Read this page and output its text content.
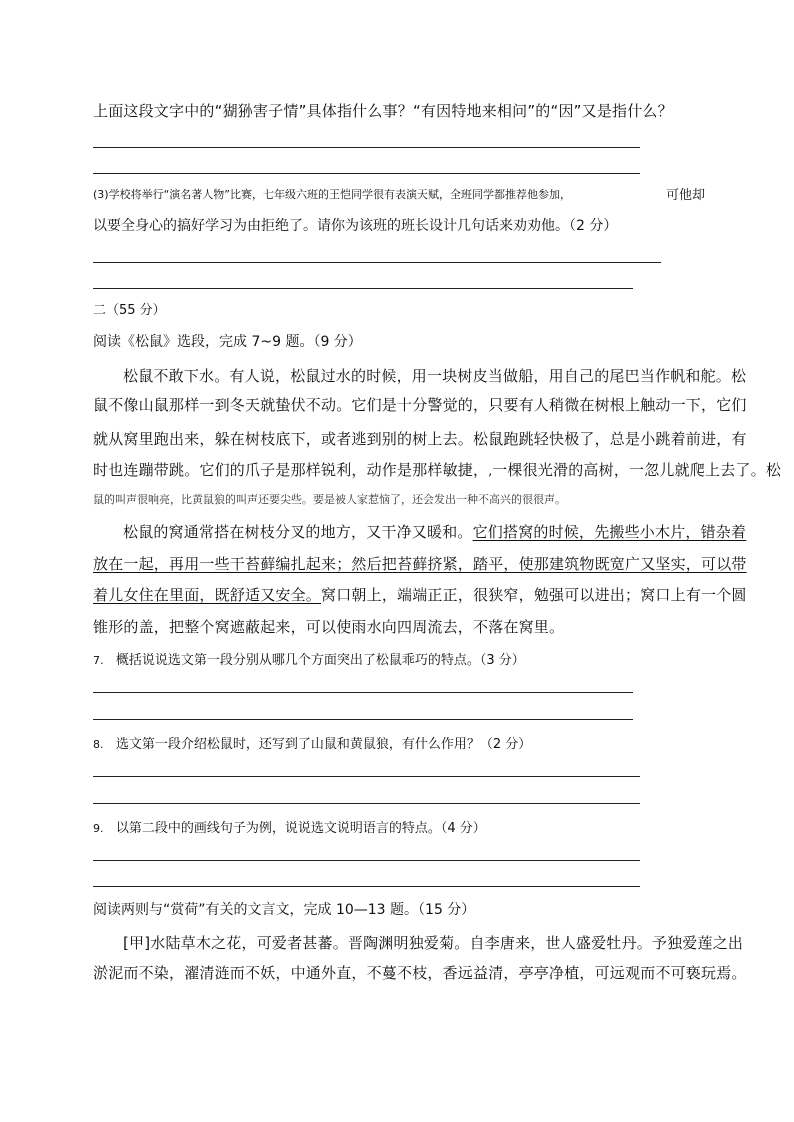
上面这段文字中的“猢狲害子情”具体指什么事？“有因特地来相问”的“因”又是指什么？
(3)学校将举行“演名著人物”比赛，七年级六班的王恺同学很有表演天赋，全班同学都推荐他参加，	可他却
以要全身心的搞好学习为由拒绝了。请你为该班的班长设计几句话来劝劝他。（2 分）
二（55 分）
阅读《松鼠》选段，完成 7~9 题。（9 分）
松鼠不敢下水。有人说，松鼠过水的时候，用一块树皮当做船，用自己的尾巴当作帆和舵。松
鼠不像山鼠那样一到冬天就蛰伏不动。它们是十分警觉的，只要有人稍微在树根上触动一下，它们
就从窝里跑出来，躲在树枝底下，或者逃到别的树上去。松鼠跑跳轻快极了，总是小跳着前进，有
时也连蹦带跳。它们的爪子是那样锐利，动作是那样敏捷，,一棵很光滑的高树，一忽儿就爬上去了。松
鼠的叫声很响亮，比黄鼠狼的叫声还要尖些。要是被人家惹恼了，还会发出一种不高兴的很很声。
松鼠的窝通常搭在树枝分叉的地方，又干净又暖和。它们搭窝的时候，先搬些小木片，错杂着
放在一起，再用一些干苔藓编扎起来；然后把苔藓挤紧，踏平，使那建筑物既宽广又坚实，可以带
着儿女住在里面，既舒适又安全。窝口朝上，端端正正，很狭窄，勉强可以进出；窝口上有一个圆
锥形的盖，把整个窝遮蔽起来，可以使雨水向四周流去，不落在窝里。
7. 概括说说选文第一段分别从哪几个方面突出了松鼠乖巧的特点。（3 分）
8. 选文第一段介绍松鼠时，还写到了山鼠和黄鼠狼，有什么作用？（2 分）
9. 以第二段中的画线句子为例，说说选文说明语言的特点。（4 分）
阅读两则与“赏荷”有关的文言文，完成 10—13 题。（15 分）
[甲]水陆草木之花，可爱者甚蕃。晋陶渊明独爱菊。自李唐来，世人盛爱牡丹。予独爱莲之出
淤泥而不染，濯清涟而不妖，中通外直，不蔓不枝，香远益清，亭亭净植，可远观而不可亵玩焉。
